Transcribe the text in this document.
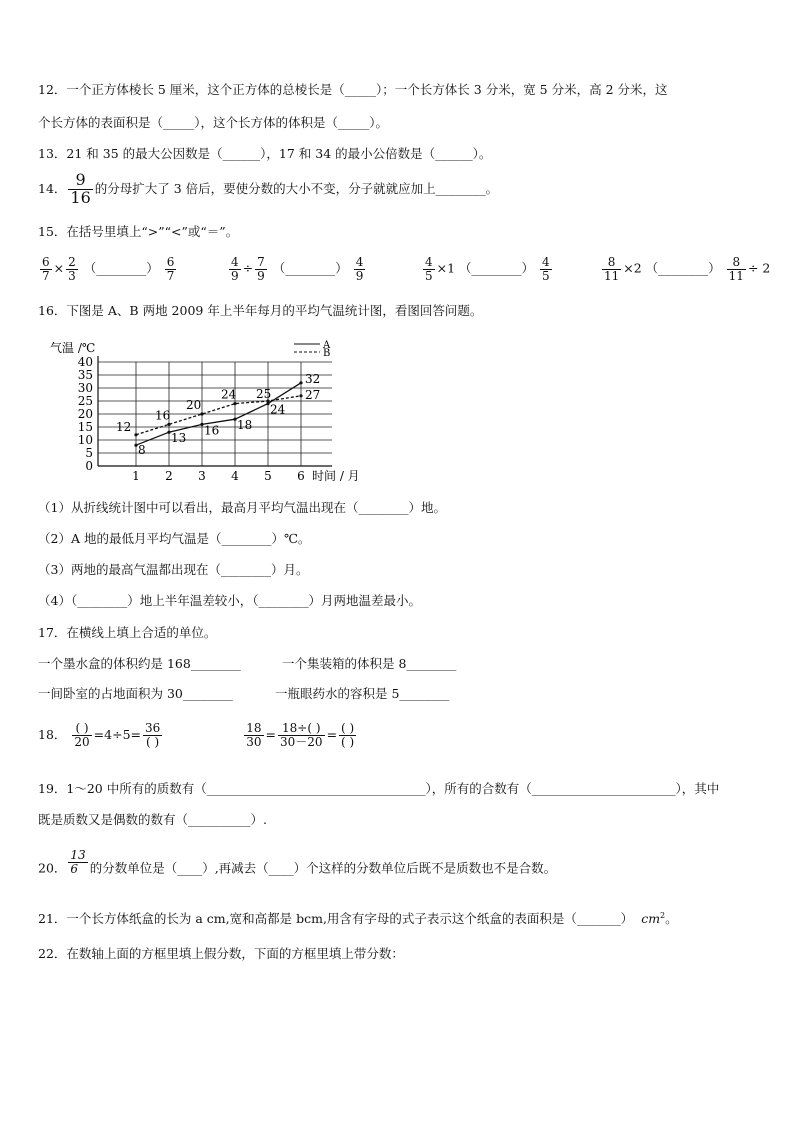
12．一个正方体棱长 5 厘米，这个正方体的总棱长是（_____）；一个长方体长 3 分米，宽 5 分米，高 2 分米，这
个长方体的表面积是（_____），这个长方体的体积是（_____）。
13．21 和 35 的最大公因数是（______），17 和 34 的最小公倍数是（______）。
14． $\frac{9}{16}$ 的分母扩大了 3 倍后，要使分数的大小不变，分子就就应加上________。
15．在括号里填上“>”“<”或“＝”。
$\frac{6}{7} \times \frac{2}{3}$ （________） $\frac{6}{7}$
	$\frac{4}{9} \div \frac{7}{9}$ （________） $\frac{4}{9}$
	$\frac{4}{5} \times 1$ （________） $\frac{4}{5}$
	$\frac{8}{11} \times 2$ （________） $\frac{8}{11} \div 2$
16．下图是 A、B 两地 2009 年上半年每月的平均气温统计图，看图回答问题。
0
5
10
15
20
25
30
35
40
1 2 3 4 5 6
气温 /℃
时间 / 月
8
13
16 18
24
32
12
16
20
24 25	27
A
B
（1）从折线统计图中可以看出，最高月平均气温出现在（________）地。
（2）A 地的最低月平均气温是（________）℃。
（3）两地的最高气温都出现在（________）月。
（4）（________）地上半年温差较小，（________）月两地温差最小。
17．在横线上填上合适的单位。
一个墨水盒的体积约是 168________	一个集装箱的体积是 8________
一间卧室的占地面积为 30________	一瓶眼药水的容积是 5________
18． $\frac{( )}{20} =4\div 5= \frac{36}{( )}$
	$\frac{18}{30} = \frac{18\div( )}{30-20} = \frac{( )}{( )}$
19．1～20 中所有的质数有（___________________________________），所有的合数有（_______________________），其中
既是质数又是偶数的数有（__________）.
20． $\frac{13}{6}$ 的分数单位是（____）,再减去（____）个这样的分数单位后既不是质数也不是合数。
21．一个长方体纸盒的长为 a cm,宽和高都是 bcm,用含有字母的式子表示这个纸盒的表面积是（_______） $cm^2$。
22．在数轴上面的方框里填上假分数，下面的方框里填上带分数：
